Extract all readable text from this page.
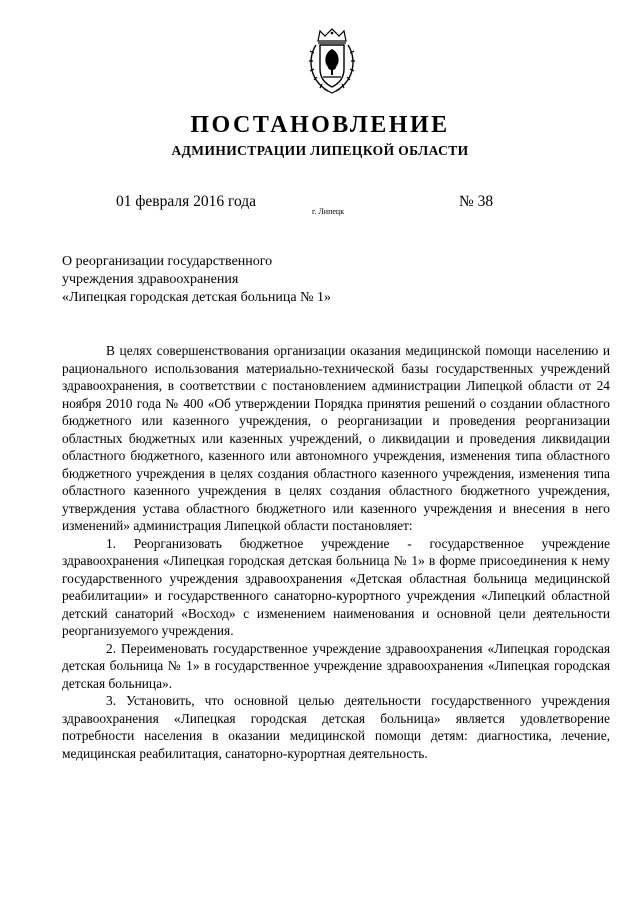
ПОСТАНОВЛЕНИЕ
АДМИНИСТРАЦИИ ЛИПЕЦКОЙ ОБЛАСТИ
01 февраля 2016 года
г. Липецк
№ 38
О реорганизации государственного
учреждения здравоохранения
«Липецкая городская детская больница № 1»

В целях совершенствования организации оказания медицинской помощи населению и рационального использования материально-технической базы государственных учреждений здравоохранения, в соответствии с постановлением администрации Липецкой области от 24 ноября 2010 года № 400 «Об утверждении Порядка принятия решений о создании областного бюджетного или казенного учреждения, о реорганизации и проведения реорганизации областных бюджетных или казенных учреждений, о ликвидации и проведения ликвидации областного бюджетного, казенного или автономного учреждения, изменения типа областного бюджетного учреждения в целях создания областного казенного учреждения, изменения типа областного казенного учреждения в целях создания областного бюджетного учреждения, утверждения устава областного бюджетного или казенного учреждения и внесения в него изменений» администрация Липецкой области постановляет:

1. Реорганизовать бюджетное учреждение - государственное учреждение здравоохранения «Липецкая городская детская больница № 1» в форме присоединения к нему государственного учреждения здравоохранения «Детская областная больница медицинской реабилитации» и государственного санаторно-курортного учреждения «Липецкий областной детский санаторий «Восход» с изменением наименования и основной цели деятельности реорганизуемого учреждения.

2. Переименовать государственное учреждение здравоохранения «Липецкая городская детская больница № 1» в государственное учреждение здравоохранения «Липецкая городская детская больница».

3. Установить, что основной целью деятельности государственного учреждения здравоохранения «Липецкая городская детская больница» является удовлетворение потребности населения в оказании медицинской помощи детям: диагностика, лечение, медицинская реабилитация, санаторно-курортная деятельность.
